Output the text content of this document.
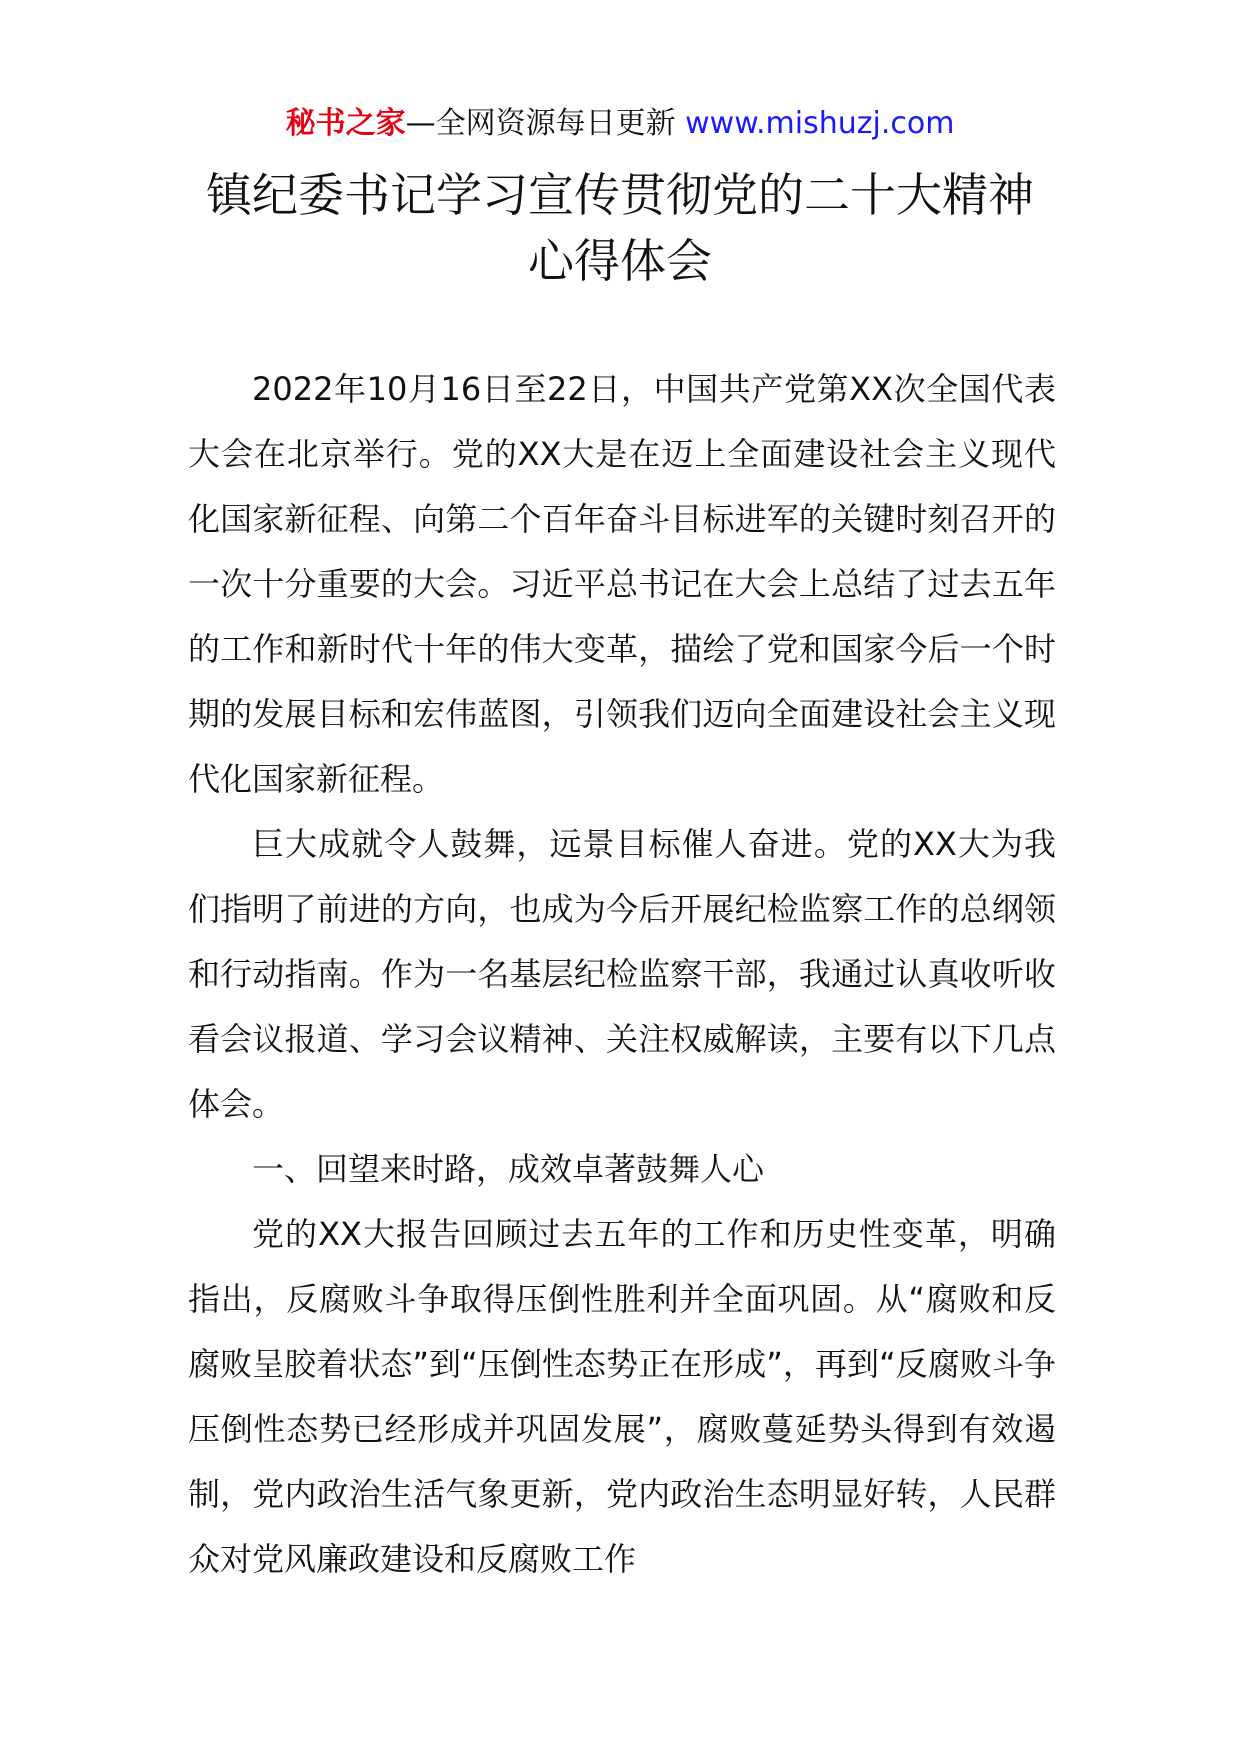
秘书之家—全网资源每日更新 www.mishuzj.com
镇纪委书记学习宣传贯彻党的二十大精神
心得体会

2022年10月16日至22日，中国共产党第XX次全国代表大会在北京举行。党的XX大是在迈上全面建设社会主义现代化国家新征程、向第二个百年奋斗目标进军的关键时刻召开的一次十分重要的大会。习近平总书记在大会上总结了过去五年的工作和新时代十年的伟大变革，描绘了党和国家今后一个时期的发展目标和宏伟蓝图，引领我们迈向全面建设社会主义现代化国家新征程。

巨大成就令人鼓舞，远景目标催人奋进。党的XX大为我们指明了前进的方向，也成为今后开展纪检监察工作的总纲领和行动指南。作为一名基层纪检监察干部，我通过认真收听收看会议报道、学习会议精神、关注权威解读，主要有以下几点体会。

一、回望来时路，成效卓著鼓舞人心

党的XX大报告回顾过去五年的工作和历史性变革，明确指出，反腐败斗争取得压倒性胜利并全面巩固。从“腐败和反腐败呈胶着状态”到“压倒性态势正在形成”，再到“反腐败斗争压倒性态势已经形成并巩固发展”，腐败蔓延势头得到有效遏制，党内政治生活气象更新，党内政治生态明显好转，人民群众对党风廉政建设和反腐败工作
